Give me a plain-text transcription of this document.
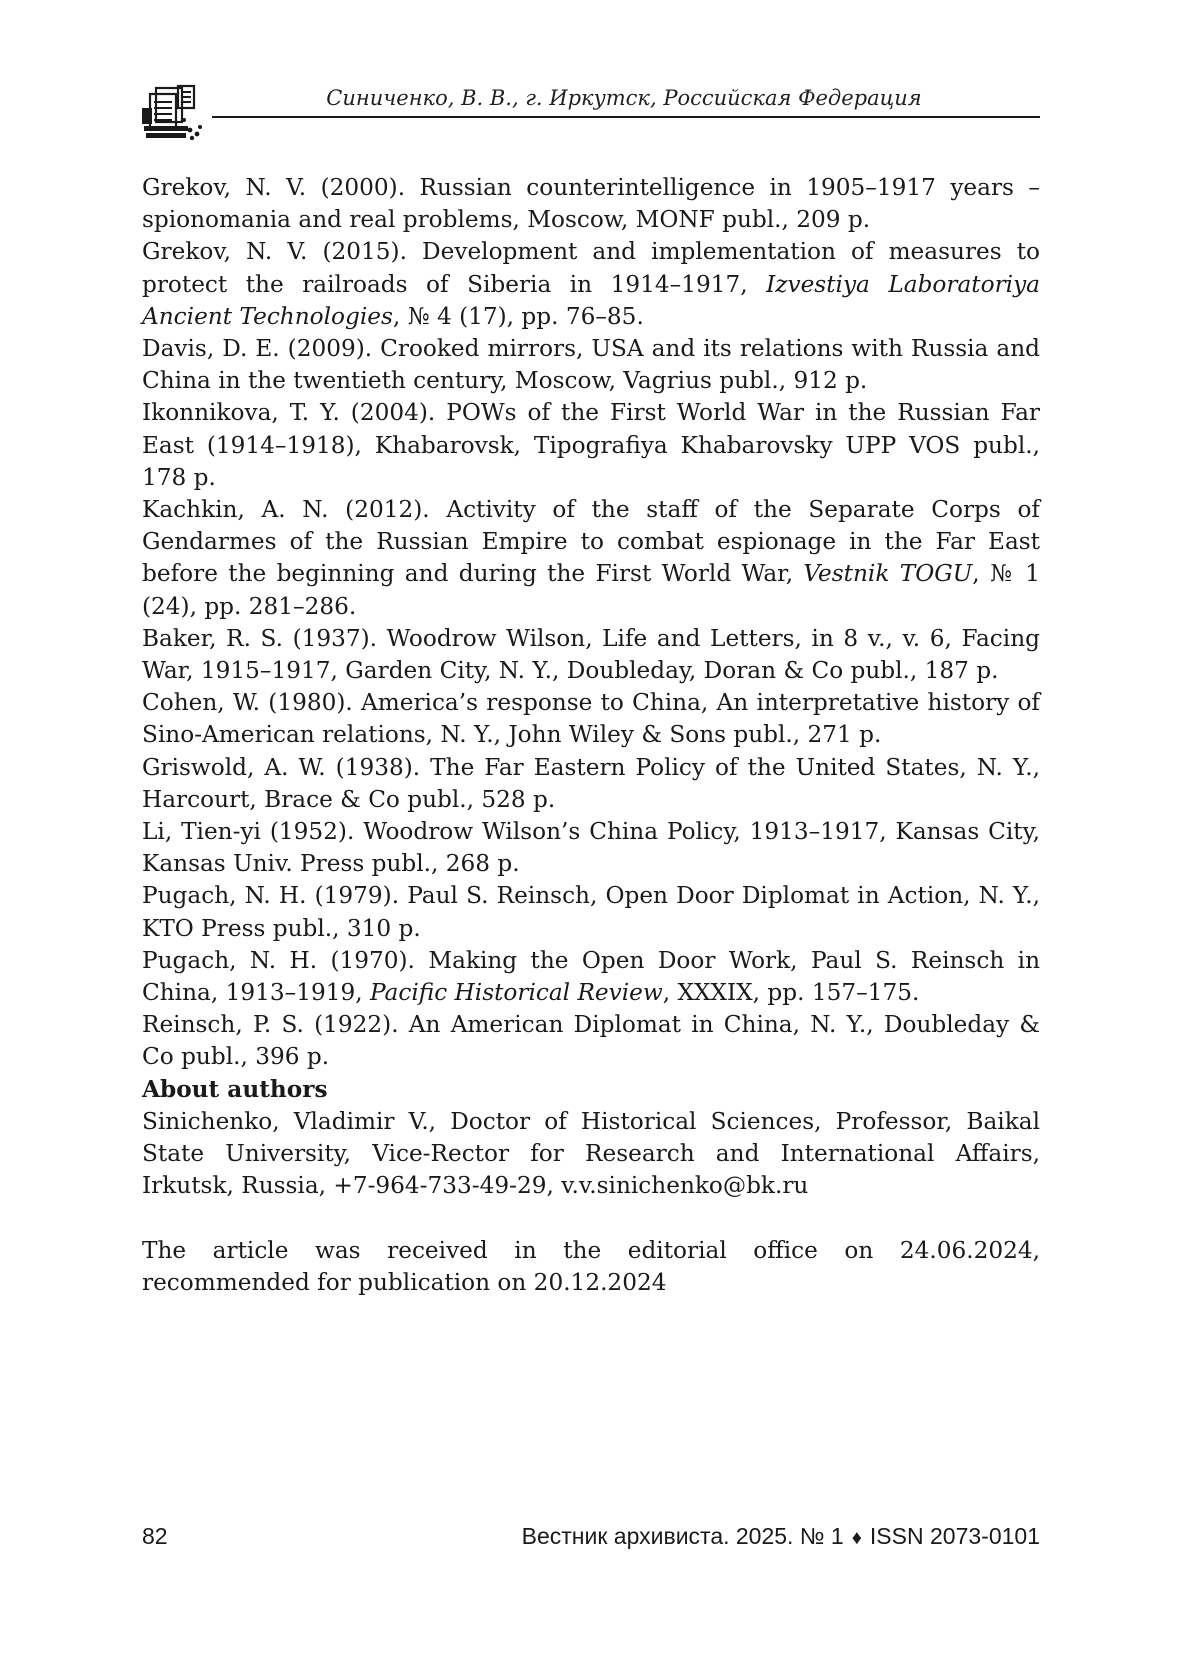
Синиченко, В. В., г. Иркутск, Российская Федерация

Grekov, N. V. (2000). Russian counterintelligence in 1905–1917 years – spionomania and real problems, Moscow, MONF publ., 209 p.

Grekov, N. V. (2015). Development and implementation of measures to protect the railroads of Siberia in 1914–1917, Izvestiya Laboratoriya Ancient Technologies, № 4 (17), pp. 76–85.

Davis, D. E. (2009). Crooked mirrors, USA and its relations with Russia and China in the twentieth century, Moscow, Vagrius publ., 912 p.

Ikonnikova, T. Y. (2004). POWs of the First World War in the Russian Far East (1914–1918), Khabarovsk, Tipografiya Khabarovsky UPP VOS publ., 178 p.

Kachkin, A. N. (2012). Activity of the staff of the Separate Corps of Gendarmes of the Russian Empire to combat espionage in the Far East before the beginning and during the First World War, Vestnik TOGU, № 1 (24), pp. 281–286.

Baker, R. S. (1937). Woodrow Wilson, Life and Letters, in 8 v., v. 6, Facing War, 1915–1917, Garden City, N. Y., Doubleday, Doran & Co publ., 187 p.

Cohen, W. (1980). America’s response to China, An interpretative history of Sino-American relations, N. Y., John Wiley & Sons publ., 271 p.

Griswold, A. W. (1938). The Far Eastern Policy of the United States, N. Y., Harcourt, Brace & Co publ., 528 p.

Li, Tien-yi (1952). Woodrow Wilson’s China Policy, 1913–1917, Kansas City, Kansas Univ. Press publ., 268 p.

Pugach, N. H. (1979). Paul S. Reinsch, Open Door Diplomat in Action, N. Y., KTO Press publ., 310 p.

Pugach, N. H. (1970). Making the Open Door Work, Paul S. Reinsch in China, 1913–1919, Pacific Historical Review, XXXIX, pp. 157–175.

Reinsch, P. S. (1922). An American Diplomat in China, N. Y., Doubleday & Co publ., 396 p.

About authors

Sinichenko, Vladimir V., Doctor of Historical Sciences, Professor, Baikal State University, Vice-Rector for Research and International Affairs, Irkutsk, Russia, +7-964-733-49-29, v.v.sinichenko@bk.ru

The article was received in the editorial office on 24.06.2024, recommended for publication on 20.12.2024

82	Вестник архивиста. 2025. № 1 ♦ ISSN 2073-0101
